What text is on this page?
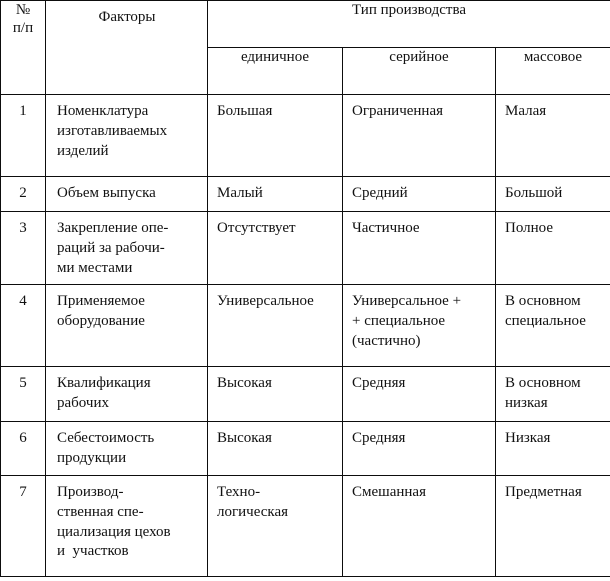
№
п/п	Факторы	Тип производства		

		единичное	серийное	массовое

1	Номенклатура
изготавливаемых
изделий	Большая	Ограниченная	Малая

2	Объем выпуска	Малый	Средний	Большой

3	Закрепление опе-
раций за рабочи-
ми местами	Отсутствует	Частичное	Полное

4	Применяемое
оборудование	Универсальное	Универсальное +
+ специальное
(частично)	В основном
специальное

5	Квалификация
рабочих	Высокая	Средняя	В основном
низкая

6	Себестоимость
продукции	Высокая	Средняя	Низкая

7	Производ-
ственная спе-
циализация цехов
и  участков	Техно-
логическая	Смешанная	Предметная
